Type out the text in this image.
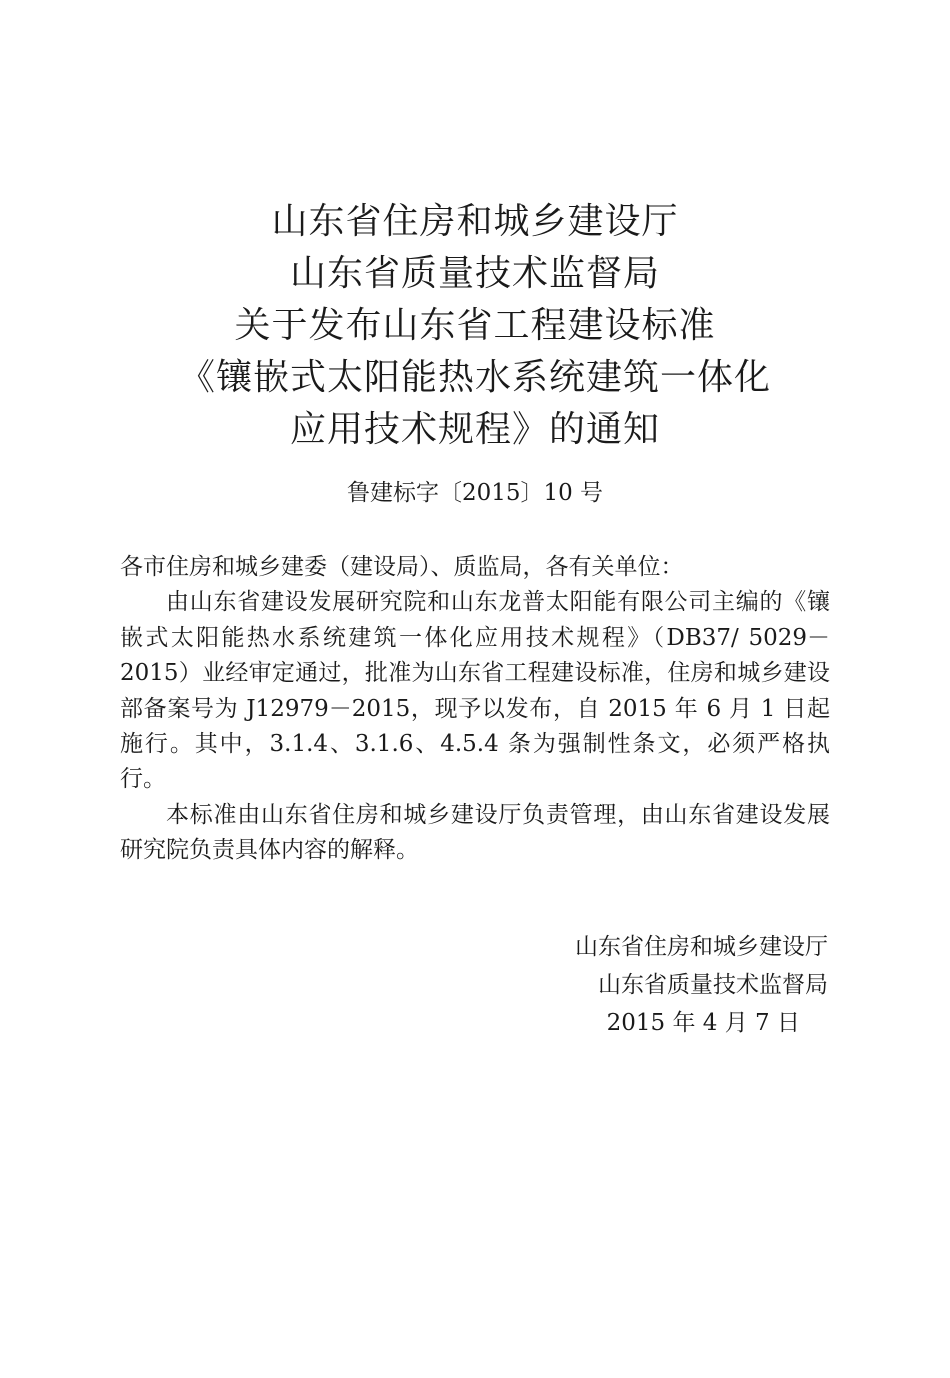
山东省住房和城乡建设厅
山东省质量技术监督局
关于发布山东省工程建设标准
《镶嵌式太阳能热水系统建筑一体化
应用技术规程》的通知
鲁建标字〔2015〕10 号
各市住房和城乡建委（建设局）、质监局，各有关单位：

由山东省建设发展研究院和山东龙普太阳能有限公司主编的《镶嵌式太阳能热水系统建筑一体化应用技术规程》（DB37/ 5029－2015）业经审定通过，批准为山东省工程建设标准，住房和城乡建设部备案号为 J12979－2015，现予以发布，自 2015 年 6 月 1 日起施行。其中，3.1.4、3.1.6、4.5.4 条为强制性条文，必须严格执行。

本标准由山东省住房和城乡建设厅负责管理，由山东省建设发展研究院负责具体内容的解释。

山东省住房和城乡建设厅
山东省质量技术监督局
2015 年 4 月 7 日
